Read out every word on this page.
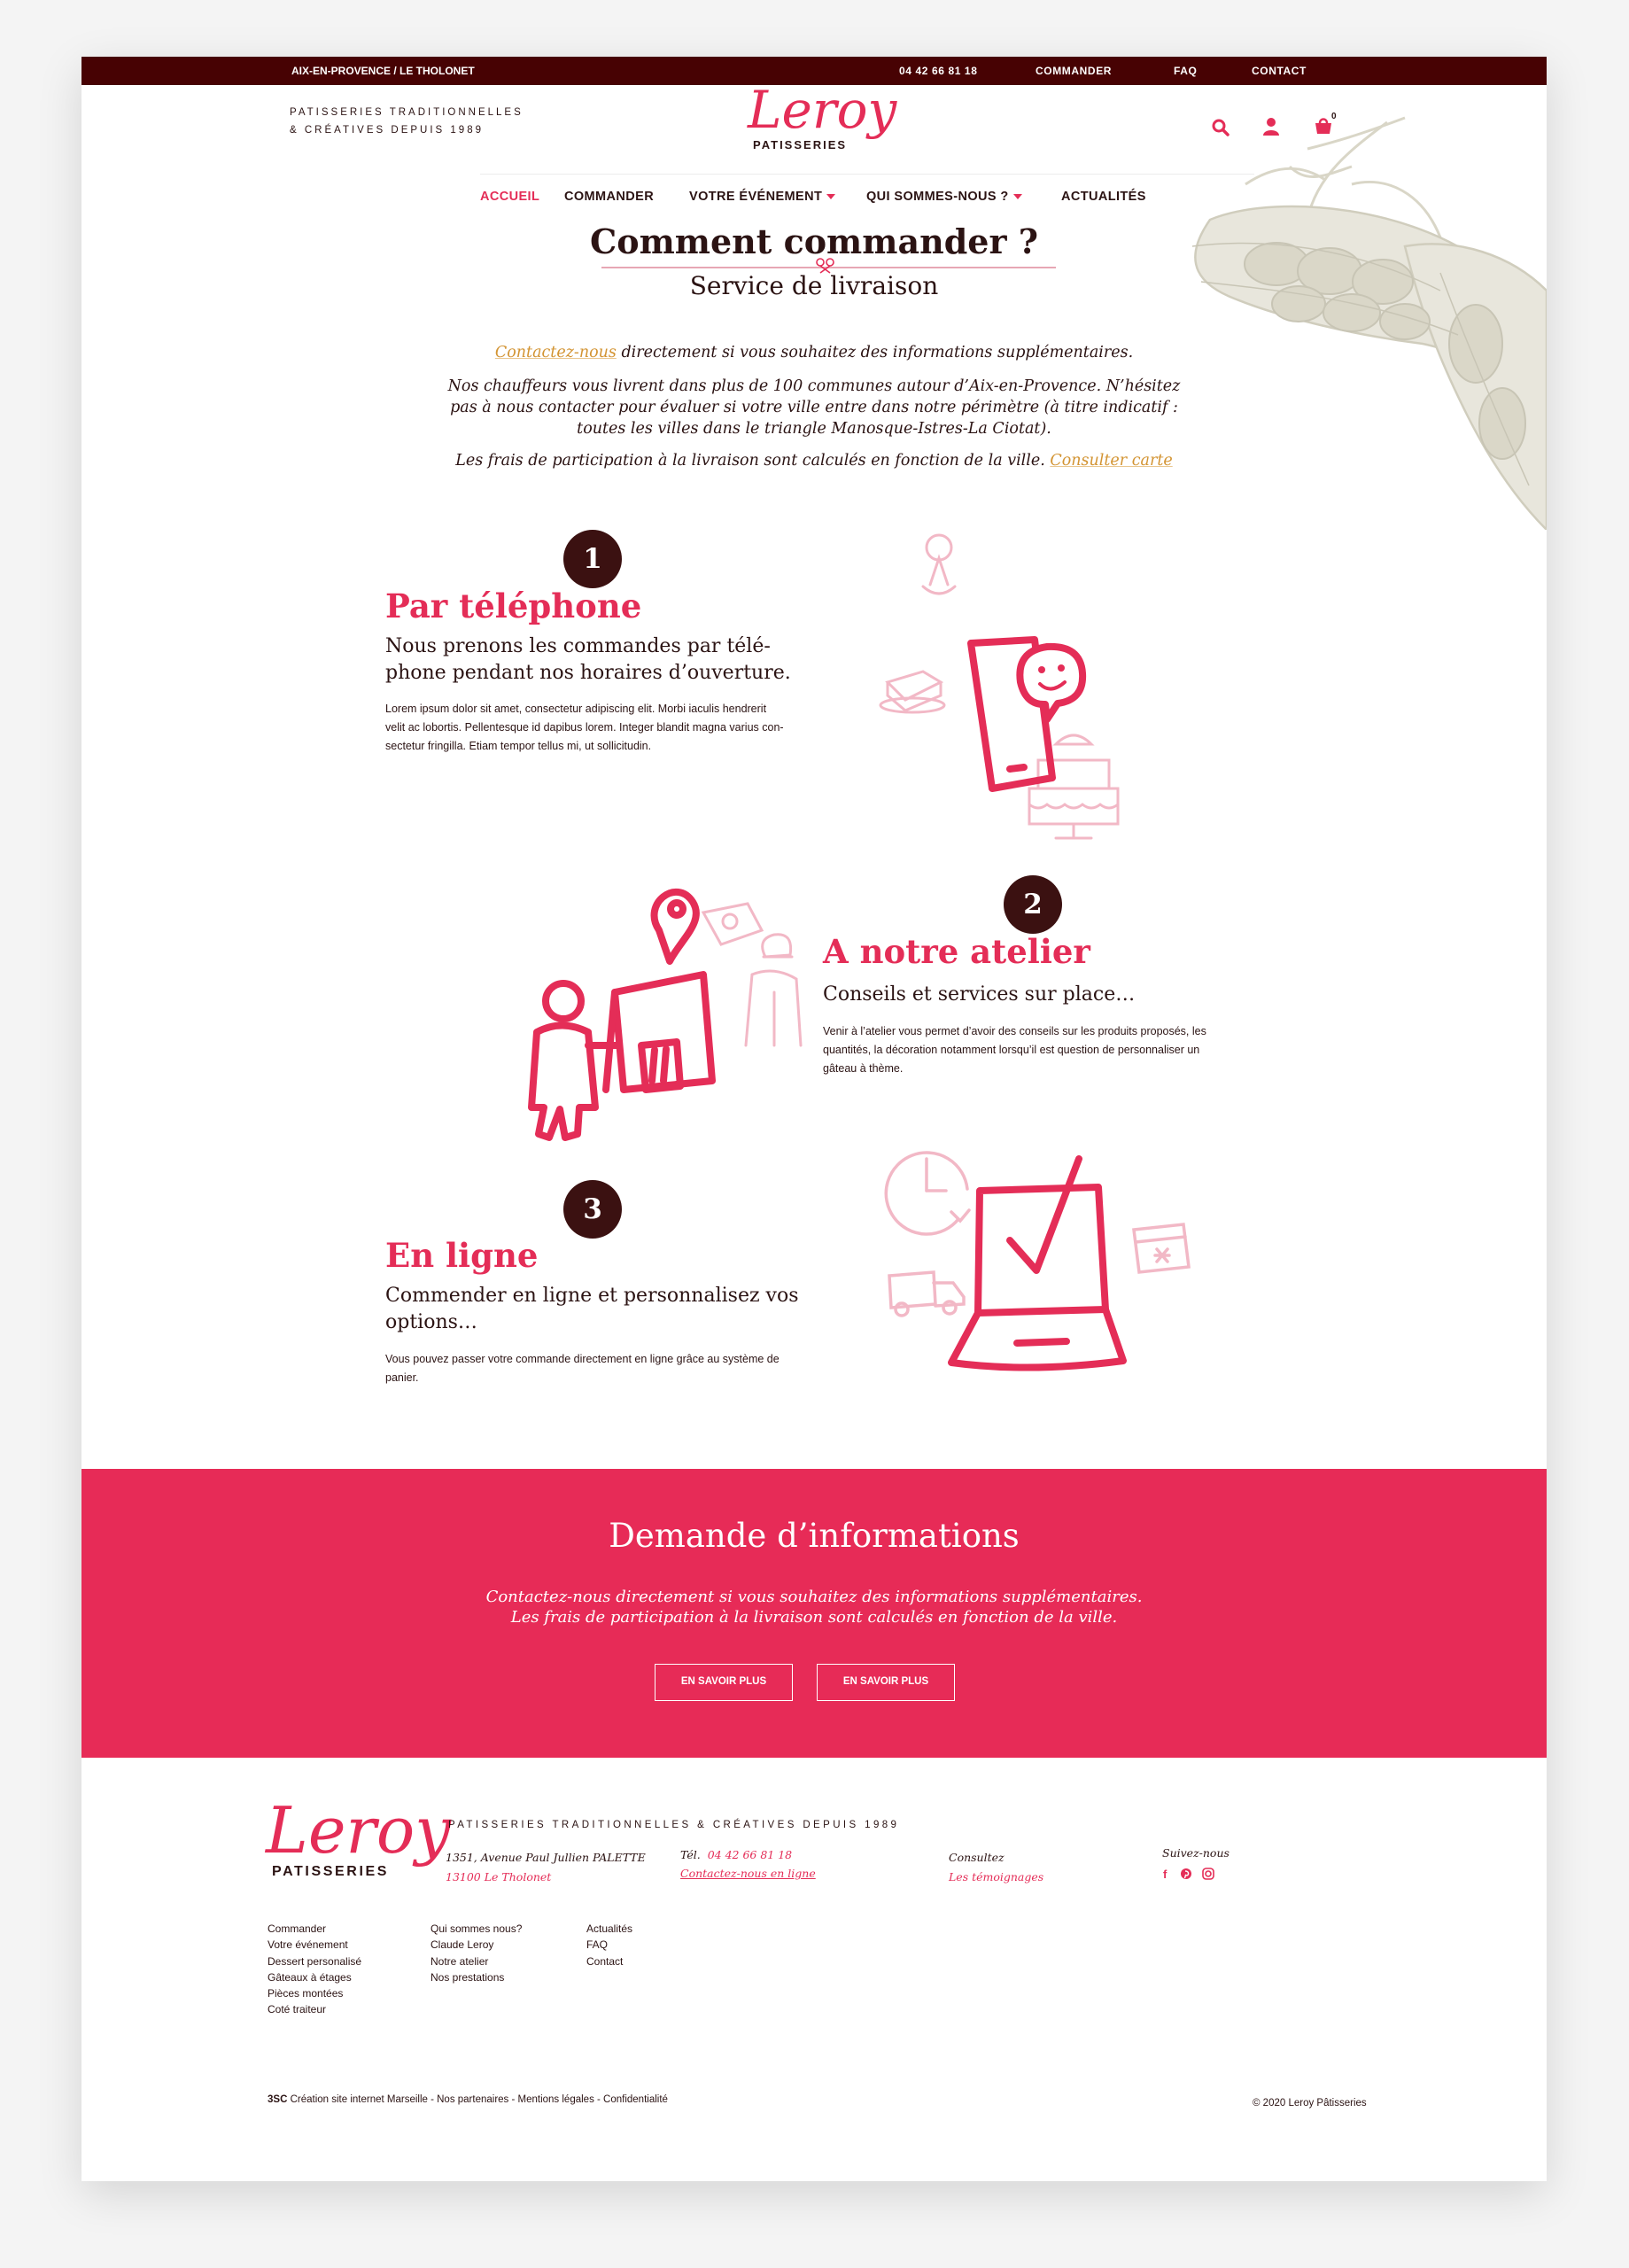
AIX-EN-PROVENCE / LE THOLONET	04 42 66 81 18	COMMANDER	FAQ	CONTACT
PATISSERIES TRADITIONNELLES
& CRÉATIVES DEPUIS 1989	Leroy
PATISSERIES
0
ACCUEIL COMMANDER	VOTRE ÉVÉNEMENT	QUI SOMMES-NOUS ?	ACTUALITÉS
Comment commander ?
Service de livraison
Contactez-nous directement si vous souhaitez des informations supplémentaires.
Nos chauffeurs vous livrent dans plus de 100 communes autour d’Aix-en-Provence. N’hésitez pas à nous contacter pour évaluer si votre ville entre dans notre périmètre (à titre indicatif : toutes les villes dans le triangle Manosque-Istres-La Ciotat).
Les frais de participation à la livraison sont calculés en fonction de la ville. Consulter carte
1
Par téléphone
Nous prenons les commandes par télé-
phone pendant nos horaires d’ouverture.
Lorem ipsum dolor sit amet, consectetur adipiscing elit. Morbi iaculis hendrerit
velit ac lobortis. Pellentesque id dapibus lorem. Integer blandit magna varius con-
sectetur fringilla. Etiam tempor tellus mi, ut sollicitudin.
2
A notre atelier
Conseils et services sur place…
Venir à l’atelier vous permet d’avoir des conseils sur les produits proposés, les
quantités, la décoration notamment lorsqu’il est question de personnaliser un
gâteau à thème.
3
En ligne
Commender en ligne et personnalisez vos
options…
Vous pouvez passer votre commande directement en ligne grâce au système de
panier.
Demande d’informations
Contactez-nous directement si vous souhaitez des informations supplémentaires.
Les frais de participation à la livraison sont calculés en fonction de la ville.
EN SAVOIR PLUS	EN SAVOIR PLUS
Leroy
PATISSERIES
PATISSERIES TRADITIONNELLES & CRÉATIVES DEPUIS 1989
1351, Avenue Paul Jullien PALETTE
13100 Le Tholonet
Tél. 04 42 66 81 18
Contactez-nous en ligne
Consultez
Les témoignages
Suivez-nous
f
Commander
Votre événement
Dessert personalisé
Gâteaux à étages
Pièces montées
Coté traiteur
Qui sommes nous?
Claude Leroy
Notre atelier
Nos prestations
Actualités
FAQ
Contact
3SC Création site internet Marseille - Nos partenaires - Mentions légales - Confidentialité	© 2020 Leroy Pâtisseries
